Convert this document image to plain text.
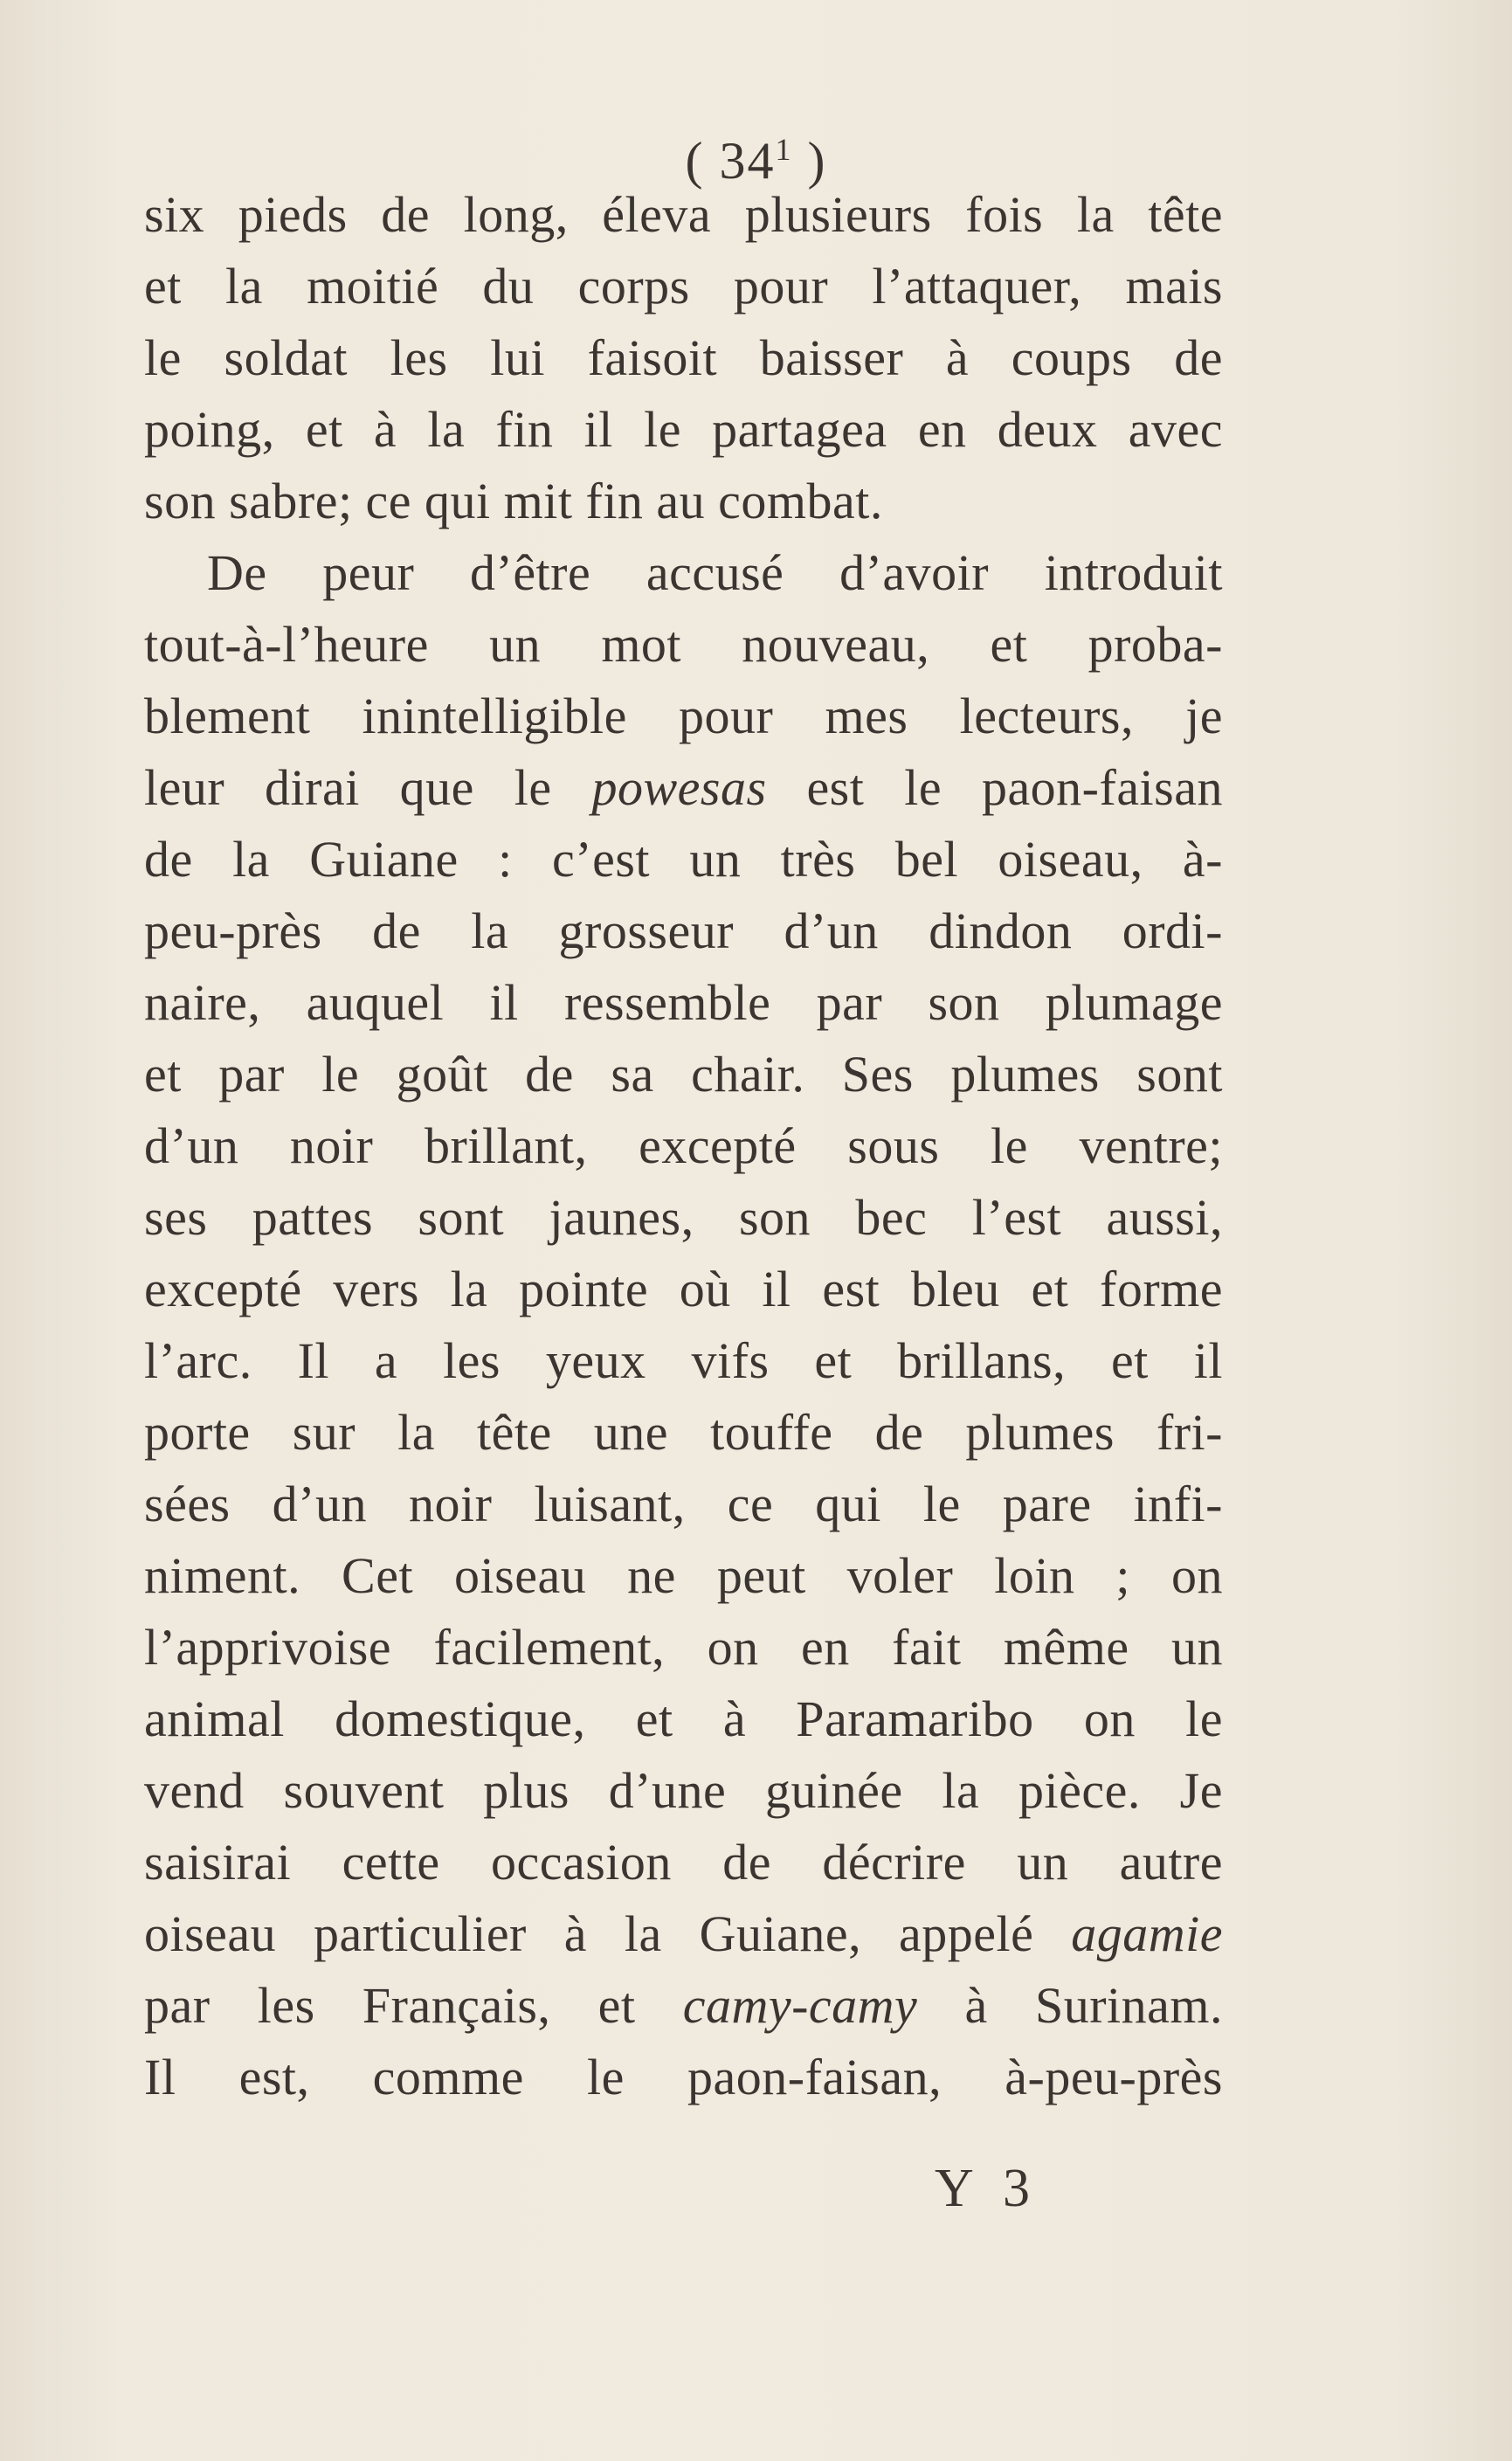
( $34^1$ )
six pieds de long, éleva plusieurs fois la tête
et la moitié du corps pour l’attaquer, mais
le soldat les lui faisoit baisser à coups de
poing, et à la fin il le partagea en deux avec
son sabre; ce qui mit fin au combat.
De peur d’être accusé d’avoir introduit
tout-à-l’heure un mot nouveau, et proba-
blement inintelligible pour mes lecteurs, je
leur dirai que le powesas est le paon-faisan
de la Guiane : c’est un très bel oiseau, à-
peu-près de la grosseur d’un dindon ordi-
naire, auquel il ressemble par son plumage
et par le goût de sa chair. Ses plumes sont
d’un noir brillant, excepté sous le ventre;
ses pattes sont jaunes, son bec l’est aussi,
excepté vers la pointe où il est bleu et forme
l’arc. Il a les yeux vifs et brillans, et il
porte sur la tête une touffe de plumes fri-
sées d’un noir luisant, ce qui le pare infi-
niment. Cet oiseau ne peut voler loin ; on
l’apprivoise facilement, on en fait même un
animal domestique, et à Paramaribo on le
vend souvent plus d’une guinée la pièce. Je
saisirai cette occasion de décrire un autre
oiseau particulier à la Guiane, appelé agamie
par les Français, et camy-camy à Surinam.
Il est, comme le paon-faisan, à-peu-près
Y 3
